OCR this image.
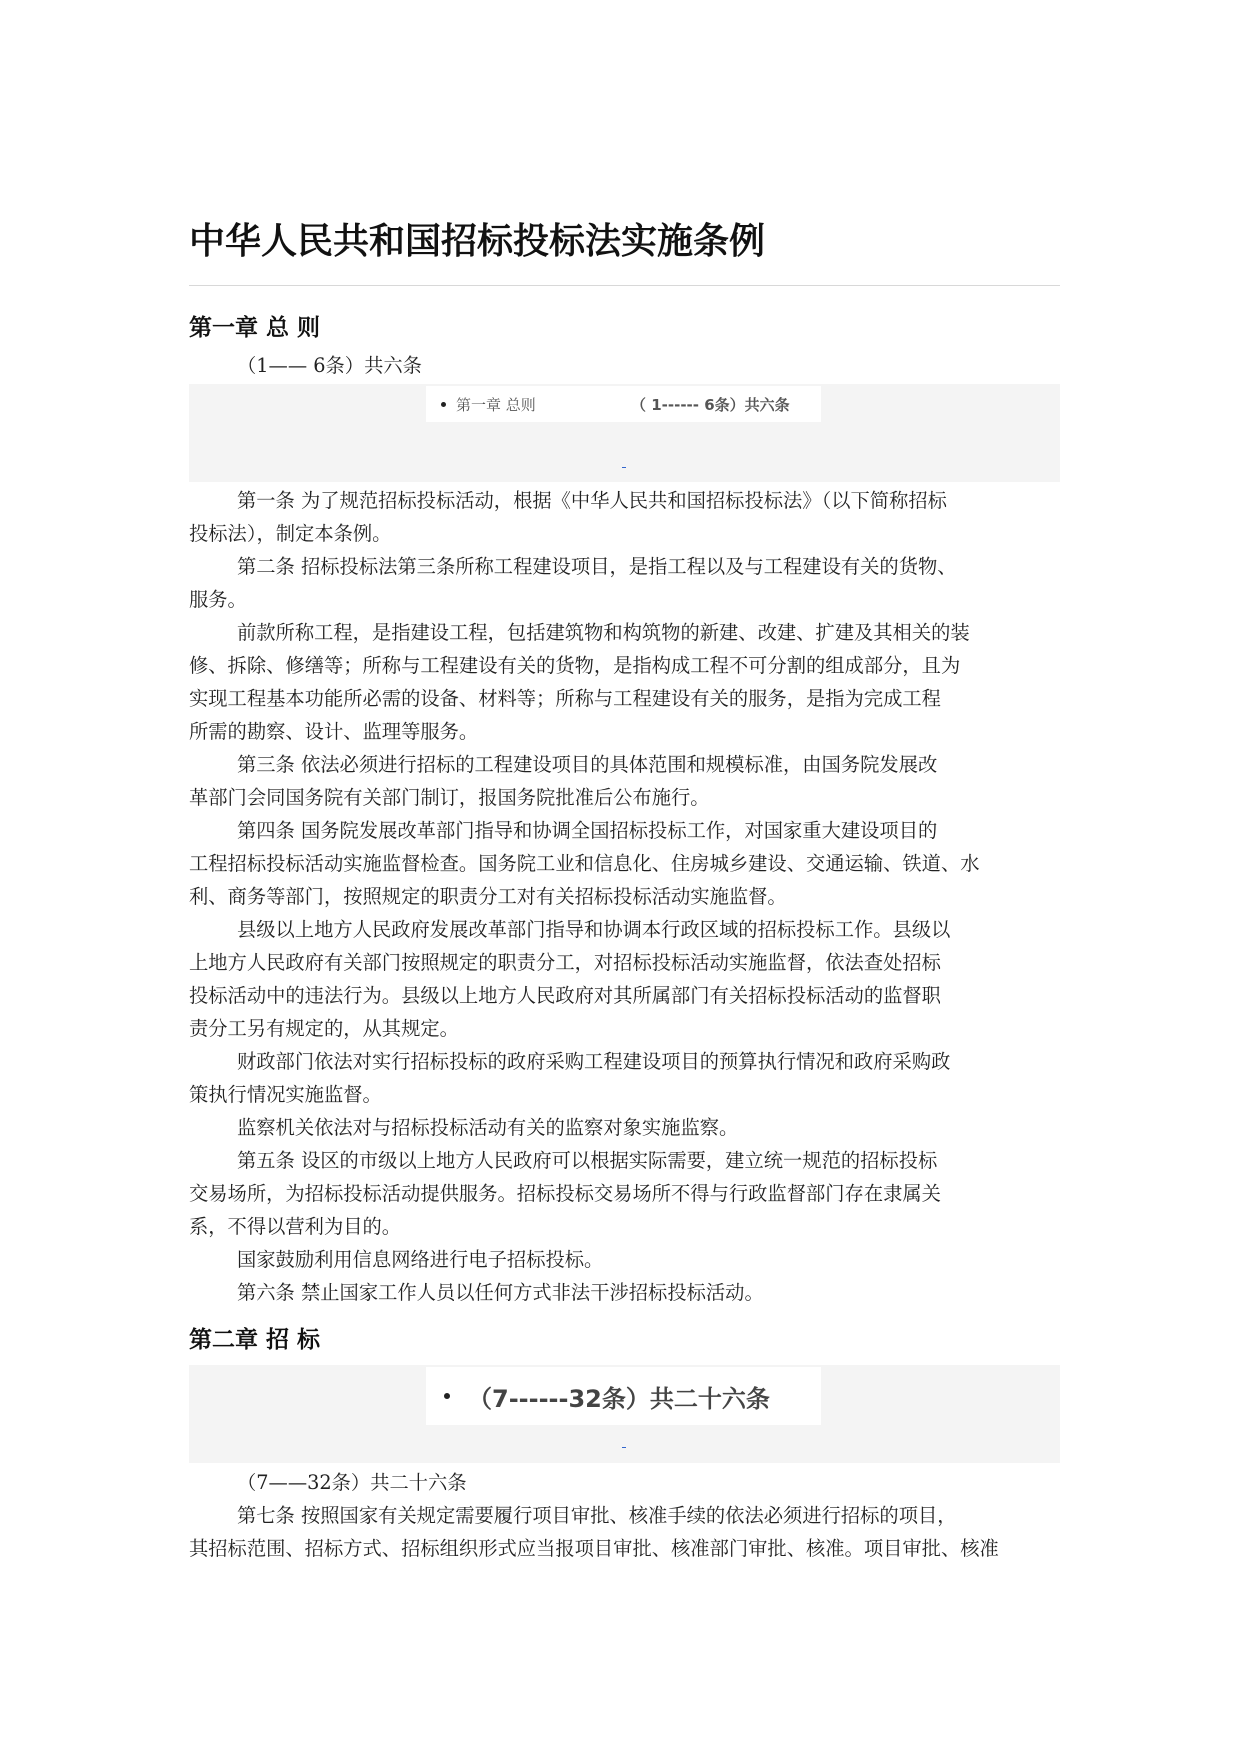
中华人民共和国招标投标法实施条例
第一章 总 则

（1—— 6条）共六条

第一章 总则	（ 1------ 6条）共六条

第一条 为了规范招标投标活动，根据《中华人民共和国招标投标法》（以下简称招标
投标法），制定本条例。

第二条 招标投标法第三条所称工程建设项目，是指工程以及与工程建设有关的货物、
服务。

前款所称工程，是指建设工程，包括建筑物和构筑物的新建、改建、扩建及其相关的装
修、拆除、修缮等；所称与工程建设有关的货物，是指构成工程不可分割的组成部分，且为
实现工程基本功能所必需的设备、材料等；所称与工程建设有关的服务，是指为完成工程
所需的勘察、设计、监理等服务。

第三条 依法必须进行招标的工程建设项目的具体范围和规模标准，由国务院发展改
革部门会同国务院有关部门制订，报国务院批准后公布施行。

第四条 国务院发展改革部门指导和协调全国招标投标工作，对国家重大建设项目的
工程招标投标活动实施监督检查。国务院工业和信息化、住房城乡建设、交通运输、铁道、水
利、商务等部门，按照规定的职责分工对有关招标投标活动实施监督。

县级以上地方人民政府发展改革部门指导和协调本行政区域的招标投标工作。县级以
上地方人民政府有关部门按照规定的职责分工，对招标投标活动实施监督，依法查处招标
投标活动中的违法行为。县级以上地方人民政府对其所属部门有关招标投标活动的监督职
责分工另有规定的，从其规定。

财政部门依法对实行招标投标的政府采购工程建设项目的预算执行情况和政府采购政
策执行情况实施监督。

监察机关依法对与招标投标活动有关的监察对象实施监察。

第五条 设区的市级以上地方人民政府可以根据实际需要，建立统一规范的招标投标
交易场所，为招标投标活动提供服务。招标投标交易场所不得与行政监督部门存在隶属关
系，不得以营利为目的。

国家鼓励利用信息网络进行电子招标投标。

第六条 禁止国家工作人员以任何方式非法干涉招标投标活动。

第二章 招 标
（7------32条）共二十六条

（7——32条）共二十六条

第七条 按照国家有关规定需要履行项目审批、核准手续的依法必须进行招标的项目，
其招标范围、招标方式、招标组织形式应当报项目审批、核准部门审批、核准。项目审批、核准
